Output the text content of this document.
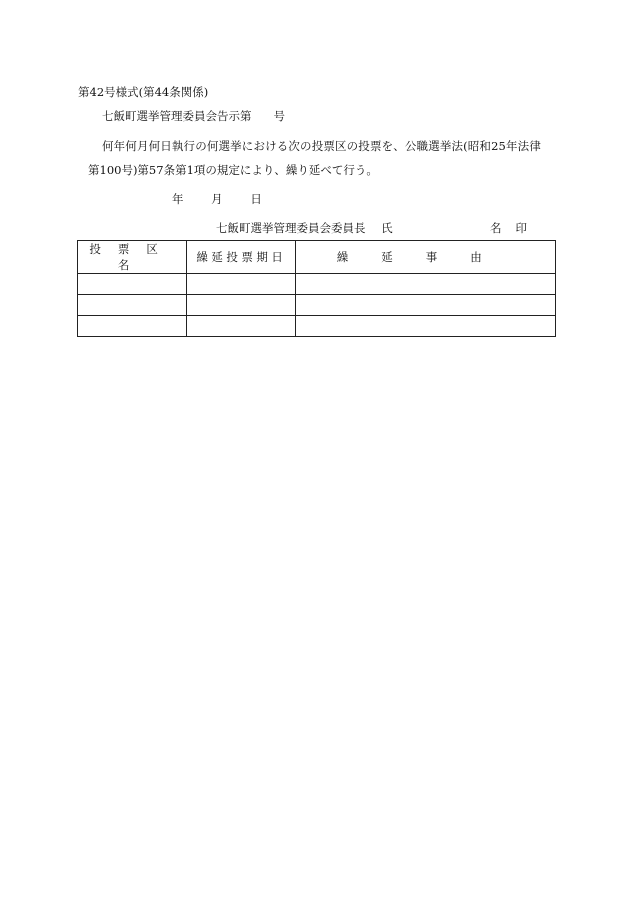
第42号様式(第44条関係)
七飯町選挙管理委員会告示第 号
何年何月何日執行の何選挙における次の投票区の投票を、公職選挙法(昭和25年法律
第100号)第57条第1項の規定により、繰り延べて行う。
年 月 日
七飯町選挙管理委員会委員長 氏	名 印
投票区名	繰延投票期日	繰延事由
